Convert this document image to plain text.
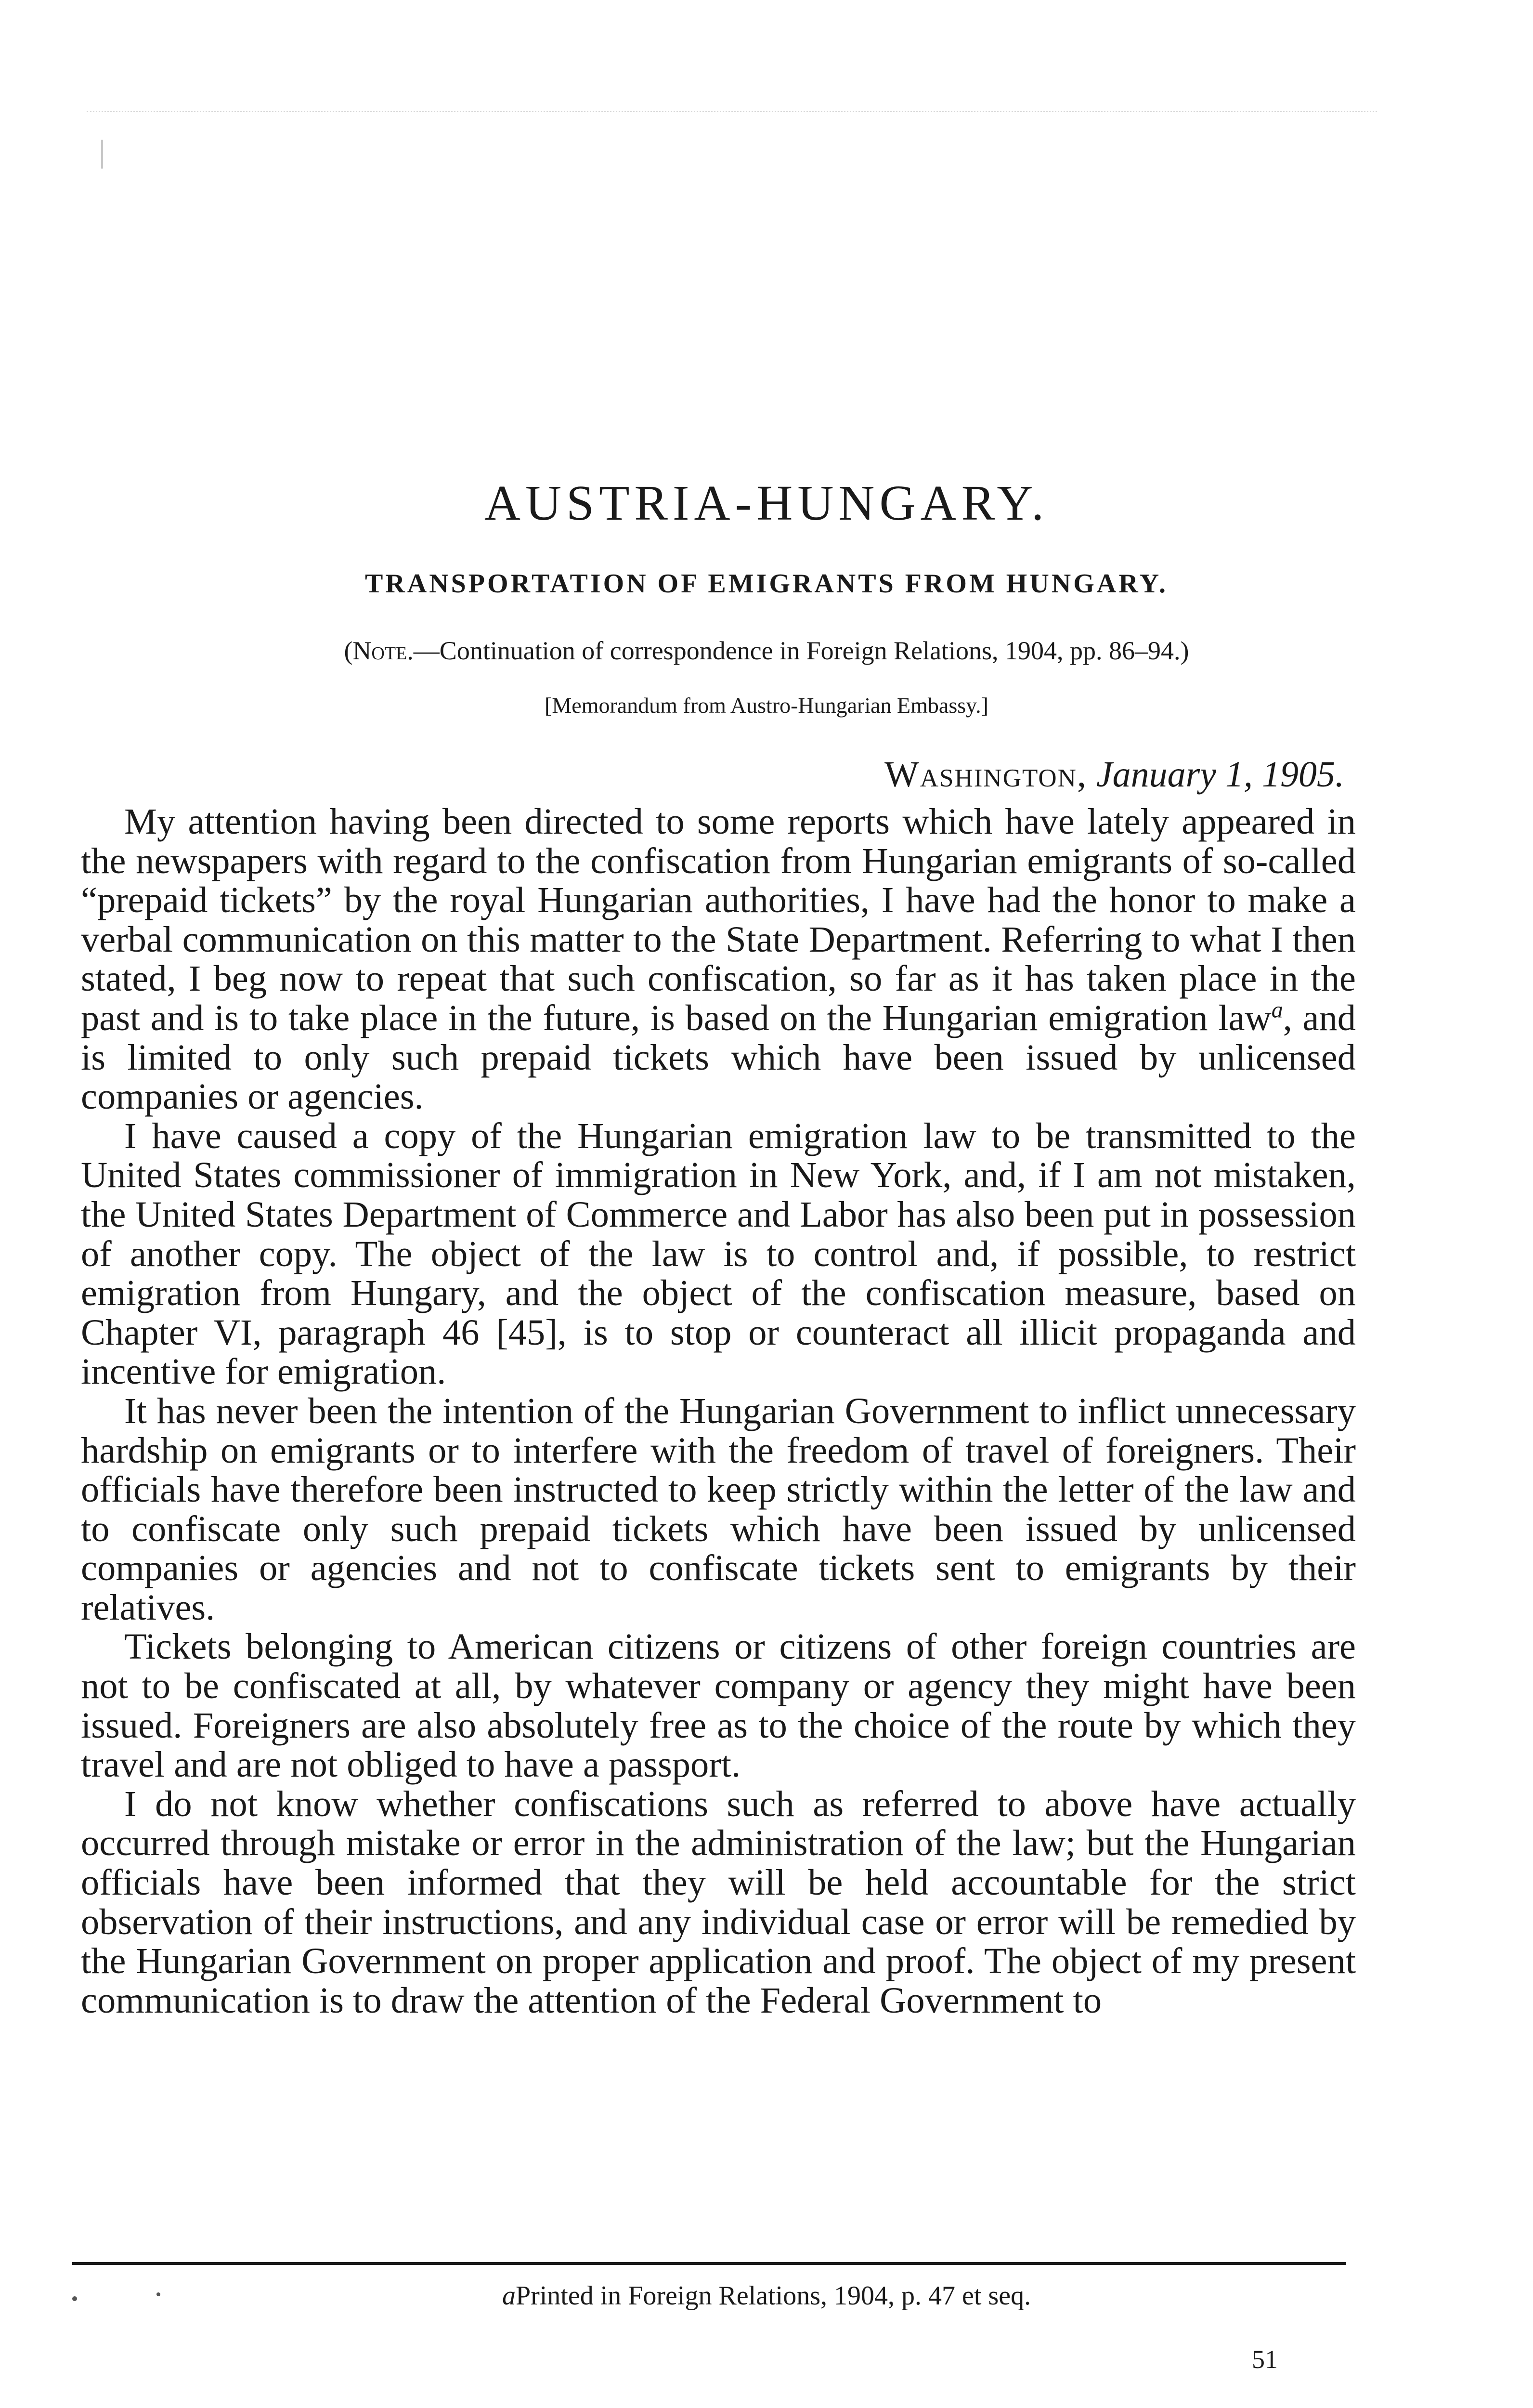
AUSTRIA-HUNGARY.
TRANSPORTATION OF EMIGRANTS FROM HUNGARY.

(Note.—Continuation of correspondence in Foreign Relations, 1904, pp. 86–94.)

[Memorandum from Austro-Hungarian Embassy.]

Washington, January 1, 1905.

My attention having been directed to some reports which have lately appeared in the newspapers with regard to the confiscation from Hungarian emigrants of so-called “prepaid tickets” by the royal Hungarian authorities, I have had the honor to make a verbal communication on this matter to the State Department. Referring to what I then stated, I beg now to repeat that such confiscation, so far as it has taken place in the past and is to take place in the future, is based on the Hungarian emigration law$^a$, and is limited to only such prepaid tickets which have been issued by unlicensed companies or agencies.

I have caused a copy of the Hungarian emigration law to be transmitted to the United States commissioner of immigration in New York, and, if I am not mistaken, the United States Department of Commerce and Labor has also been put in possession of another copy. The object of the law is to control and, if possible, to restrict emigration from Hungary, and the object of the confiscation measure, based on Chapter VI, paragraph 46 [45], is to stop or counteract all illicit propaganda and incentive for emigration.

It has never been the intention of the Hungarian Government to inflict unnecessary hardship on emigrants or to interfere with the freedom of travel of foreigners. Their officials have therefore been instructed to keep strictly within the letter of the law and to confiscate only such prepaid tickets which have been issued by unlicensed companies or agencies and not to confiscate tickets sent to emigrants by their relatives.

Tickets belonging to American citizens or citizens of other foreign countries are not to be confiscated at all, by whatever company or agency they might have been issued. Foreigners are also absolutely free as to the choice of the route by which they travel and are not obliged to have a passport.

I do not know whether confiscations such as referred to above have actually occurred through mistake or error in the administration of the law; but the Hungarian officials have been informed that they will be held accountable for the strict observation of their instructions, and any individual case or error will be remedied by the Hungarian Government on proper application and proof. The object of my present communication is to draw the attention of the Federal Government to

aPrinted in Foreign Relations, 1904, p. 47 et seq.

51
